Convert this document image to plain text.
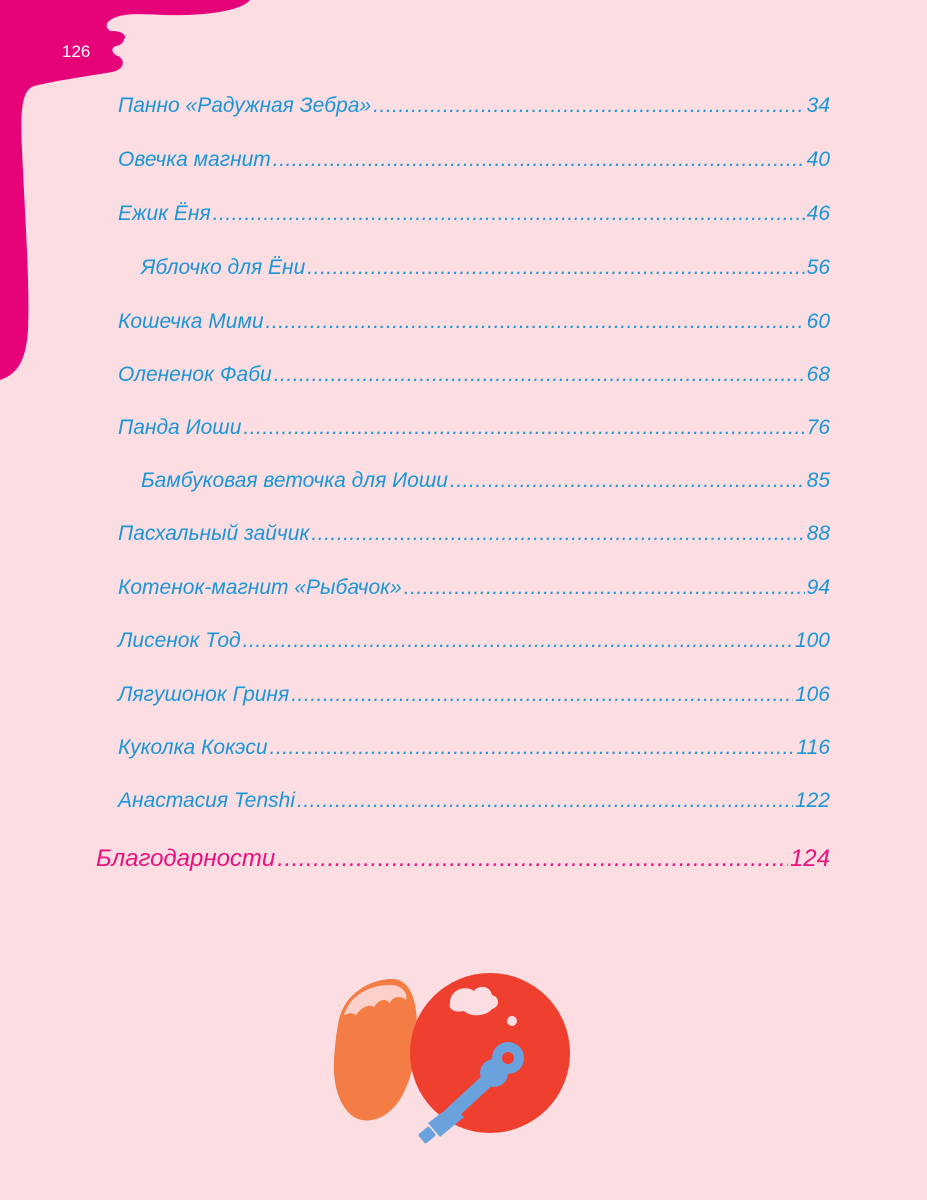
126
Панно «Радужная Зебра» .....	34
Овечка магнит .....	40
Ежик Ёня .....	46
Яблочко для Ёни .....	56
Кошечка Мими .....	60
Олененок Фаби .....	68
Панда Иоши .....	76
Бамбуковая веточка для Иоши .....	85
Пасхальный зайчик .....	88
Котенок-магнит «Рыбачок» .....	94
Лисенок Тод .....	100
Лягушонок Гриня .....	106
Куколка Кокэси .....	116
Анастасия Tenshi .....	122
Благодарности .....	124
